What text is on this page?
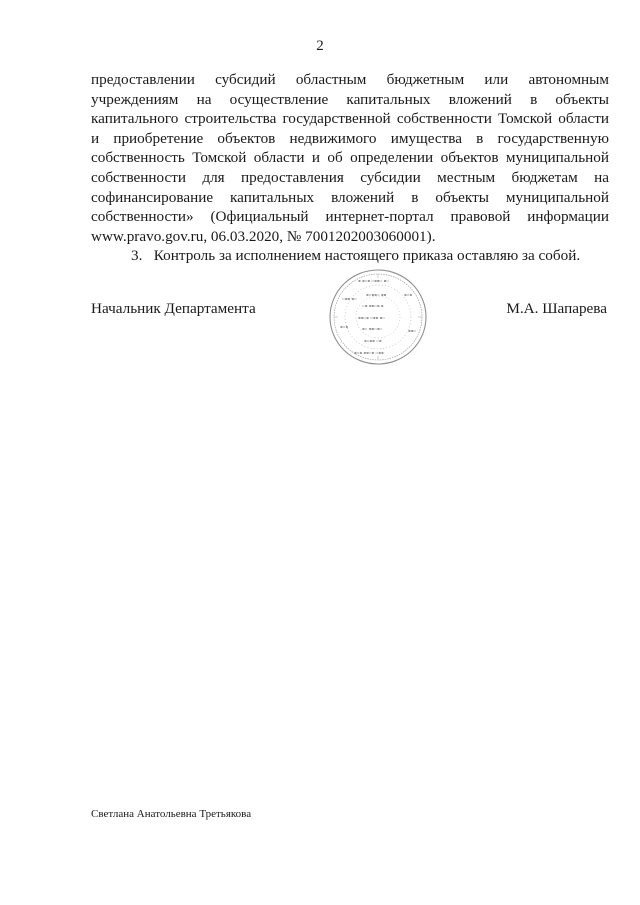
2

предоставлении субсидий областным бюджетным или автономным учреждениям на осуществление капитальных вложений в объекты капитального строительства государственной собственности Томской области и приобретение объектов недвижимого имущества в государственную собственность Томской области и об определении объектов муниципальной собственности для предоставления субсидии местным бюджетам на софинансирование капитальных вложений в объекты муниципальной собственности» (Официальный интернет-портал правовой информации www.pravo.gov.ru, 06.03.2020, № 7001202003060001).

3. Контроль за исполнением настоящего приказа оставляю за собой.

Начальник Департамента	М.А. Шапарева
▪ ▪▫▪ ▫▪▪▫ ▪▫
▪▫▪
▫▪▪ ▪▫
▪▫▪▪▫ ▪▪
▫▪ ▪▪▫▪ ▪
▪▪▫▪ ▫▪▪ ▪▫
▪▫ ▪▪▫▪▫
▪▫▪
▪▪▫
▪▫▪▪ ▫▪
▪▫▪ ▪▪▫▪ ▫▪▪
Светлана Анатольевна Третьякова
